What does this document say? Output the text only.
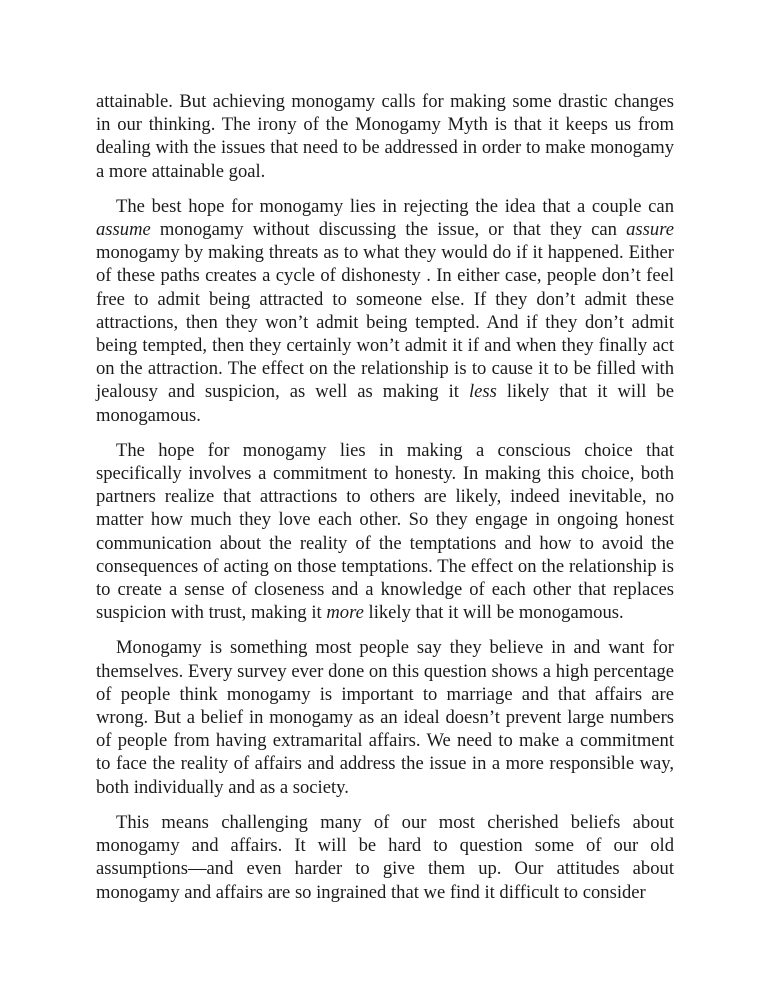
attainable. But achieving monogamy calls for making some drastic changes in our thinking. The irony of the Monogamy Myth is that it keeps us from dealing with the issues that need to be addressed in order to make monogamy a more attainable goal.

The best hope for monogamy lies in rejecting the idea that a couple can assume monogamy without discussing the issue, or that they can assure monogamy by making threats as to what they would do if it happened. Either of these paths creates a cycle of dishonesty . In either case, people don’t feel free to admit being attracted to someone else. If they don’t admit these attractions, then they won’t admit being tempted. And if they don’t admit being tempted, then they certainly won’t admit it if and when they finally act on the attraction. The effect on the relationship is to cause it to be filled with jealousy and suspicion, as well as making it less likely that it will be monogamous.

The hope for monogamy lies in making a conscious choice that specifically involves a commitment to honesty. In making this choice, both partners realize that attractions to others are likely, indeed inevitable, no matter how much they love each other. So they engage in ongoing honest communication about the reality of the temptations and how to avoid the consequences of acting on those temptations. The effect on the relationship is to create a sense of closeness and a knowledge of each other that replaces suspicion with trust, making it more likely that it will be monogamous.

Monogamy is something most people say they believe in and want for themselves. Every survey ever done on this question shows a high percentage of people think monogamy is important to marriage and that affairs are wrong. But a belief in monogamy as an ideal doesn’t prevent large numbers of people from having extramarital affairs. We need to make a commitment to face the reality of affairs and address the issue in a more responsible way, both individually and as a society.

This means challenging many of our most cherished beliefs about monogamy and affairs. It will be hard to question some of our old assumptions—and even harder to give them up. Our attitudes about monogamy and affairs are so ingrained that we find it difficult to consider
